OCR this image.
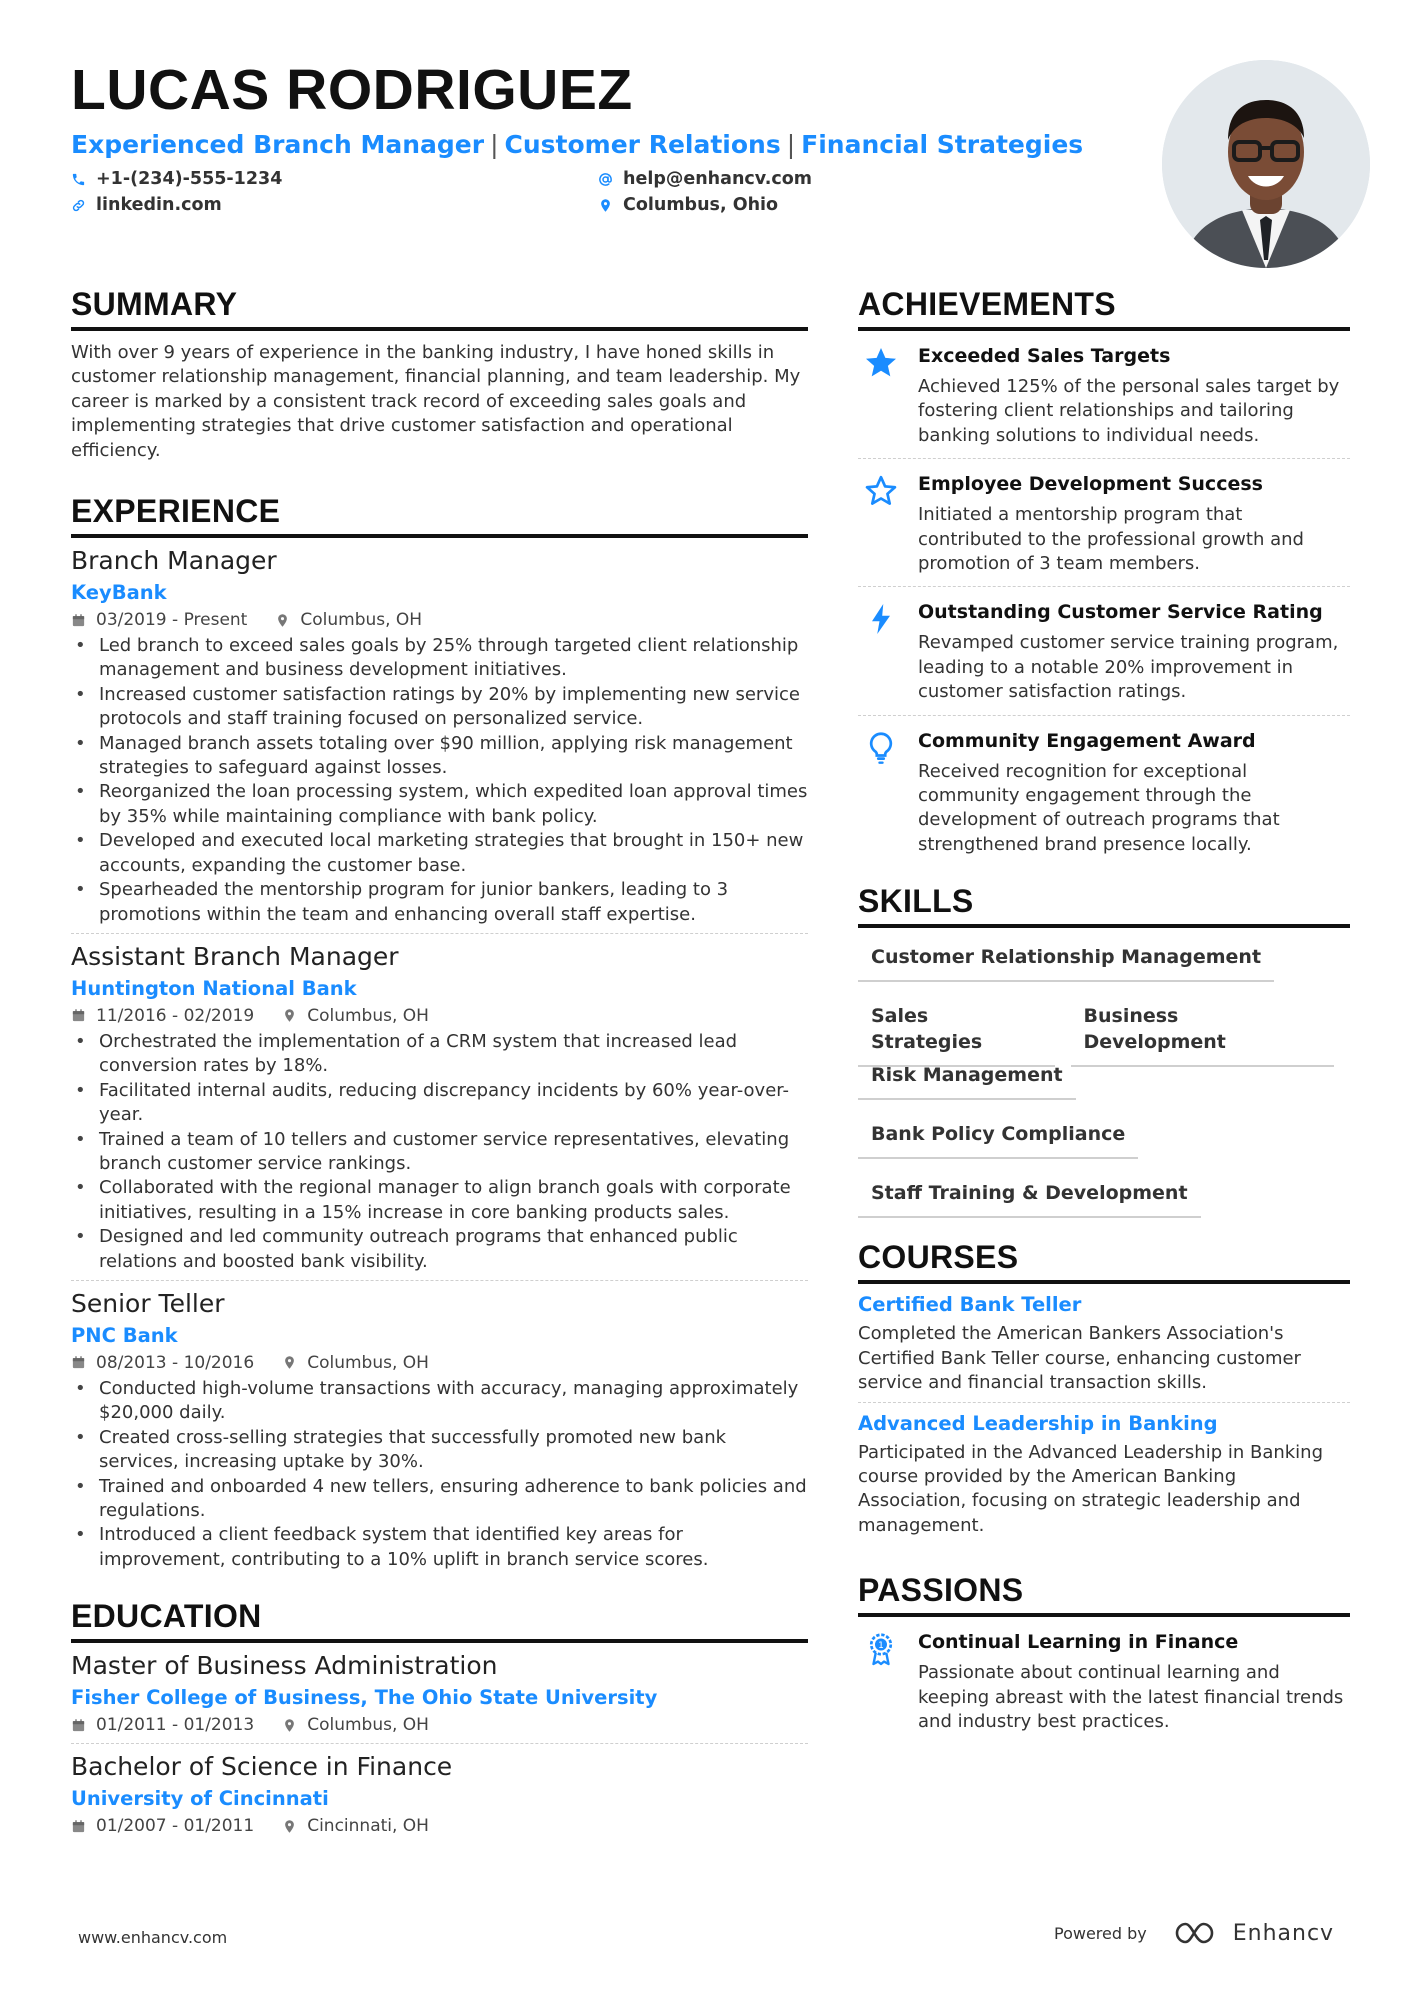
LUCAS RODRIGUEZ
Experienced Branch Manager | Customer Relations | Financial Strategies
+1-(234)-555-1234	help@enhancv.com
linkedin.com	Columbus, Ohio
SUMMARY
With over 9 years of experience in the banking industry, I have honed skills in customer relationship management, financial planning, and team leadership. My career is marked by a consistent track record of exceeding sales goals and implementing strategies that drive customer satisfaction and operational efficiency.
EXPERIENCE
Branch Manager
KeyBank
03/2019 - Present	Columbus, OH
• Led branch to exceed sales goals by 25% through targeted client relationship management and business development initiatives.
• Increased customer satisfaction ratings by 20% by implementing new service protocols and staff training focused on personalized service.
• Managed branch assets totaling over $90 million, applying risk management strategies to safeguard against losses.
• Reorganized the loan processing system, which expedited loan approval times by 35% while maintaining compliance with bank policy.
• Developed and executed local marketing strategies that brought in 150+ new accounts, expanding the customer base.
• Spearheaded the mentorship program for junior bankers, leading to 3 promotions within the team and enhancing overall staff expertise.
Assistant Branch Manager
Huntington National Bank
11/2016 - 02/2019	Columbus, OH
• Orchestrated the implementation of a CRM system that increased lead conversion rates by 18%.
• Facilitated internal audits, reducing discrepancy incidents by 60% year-over-year.
• Trained a team of 10 tellers and customer service representatives, elevating branch customer service rankings.
• Collaborated with the regional manager to align branch goals with corporate initiatives, resulting in a 15% increase in core banking products sales.
• Designed and led community outreach programs that enhanced public relations and boosted bank visibility.
Senior Teller
PNC Bank
08/2013 - 10/2016	Columbus, OH
• Conducted high-volume transactions with accuracy, managing approximately $20,000 daily.
• Created cross-selling strategies that successfully promoted new bank services, increasing uptake by 30%.
• Trained and onboarded 4 new tellers, ensuring adherence to bank policies and regulations.
• Introduced a client feedback system that identified key areas for improvement, contributing to a 10% uplift in branch service scores.
EDUCATION
Master of Business Administration
Fisher College of Business, The Ohio State University
01/2011 - 01/2013	Columbus, OH
Bachelor of Science in Finance
University of Cincinnati
01/2007 - 01/2011	Cincinnati, OH
ACHIEVEMENTS
Exceeded Sales Targets
Achieved 125% of the personal sales target by fostering client relationships and tailoring banking solutions to individual needs.
Employee Development Success
Initiated a mentorship program that contributed to the professional growth and promotion of 3 team members.
Outstanding Customer Service Rating
Revamped customer service training program, leading to a notable 20% improvement in customer satisfaction ratings.
Community Engagement Award
Received recognition for exceptional community engagement through the development of outreach programs that strengthened brand presence locally.
SKILLS
Customer Relationship Management
Sales Strategies
Business Development
Risk Management
Bank Policy Compliance
Staff Training & Development
COURSES
Certified Bank Teller
Completed the American Bankers Association's Certified Bank Teller course, enhancing customer service and financial transaction skills.
Advanced Leadership in Banking
Participated in the Advanced Leadership in Banking course provided by the American Banking Association, focusing on strategic leadership and management.
PASSIONS
1 Continual Learning in Finance
Passionate about continual learning and keeping abreast with the latest financial trends and industry best practices.
www.enhancv.com	Powered by	Enhancv
